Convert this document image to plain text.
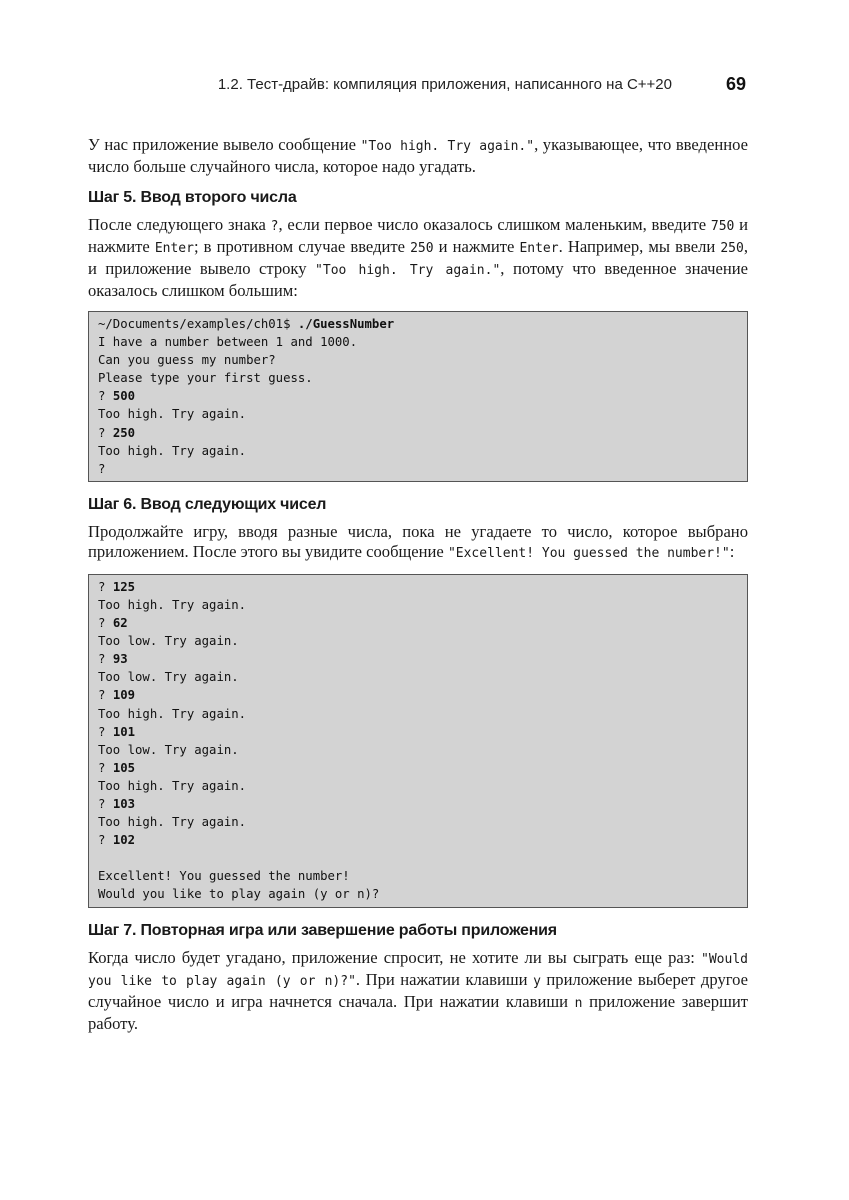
1.2. Тест-драйв: компиляция приложения, написанного на C++20	69

У нас приложение вывело сообщение "Too high. Try again.", указывающее, что введенное число больше случайного числа, которое надо угадать.

Шаг 5. Ввод второго числа

После следующего знака ?, если первое число оказалось слишком маленьким, введите 750 и нажмите Enter; в противном случае введите 250 и нажмите Enter. Например, мы ввели 250, и приложение вывело строку "Too high. Try again.", потому что введенное значение оказалось слишком большим:

~/Documents/examples/ch01$ ./GuessNumber
I have a number between 1 and 1000.
Can you guess my number?
Please type your first guess.
? 500
Too high. Try again.
? 250
Too high. Try again.
?
Шаг 6. Ввод следующих чисел

Продолжайте игру, вводя разные числа, пока не угадаете то число, которое выбрано приложением. После этого вы увидите сообщение "Excellent! You guessed the number!":

? 125
Too high. Try again.
? 62
Too low. Try again.
? 93
Too low. Try again.
? 109
Too high. Try again.
? 101
Too low. Try again.
? 105
Too high. Try again.
? 103
Too high. Try again.
? 102
Excellent! You guessed the number!
Would you like to play again (y or n)?
Шаг 7. Повторная игра или завершение работы приложения

Когда число будет угадано, приложение спросит, не хотите ли вы сыграть еще раз: "Would you like to play again (y or n)?". При нажатии клавиши y приложение выберет другое случайное число и игра начнется сначала. При нажатии клавиши n приложение завершит работу.
